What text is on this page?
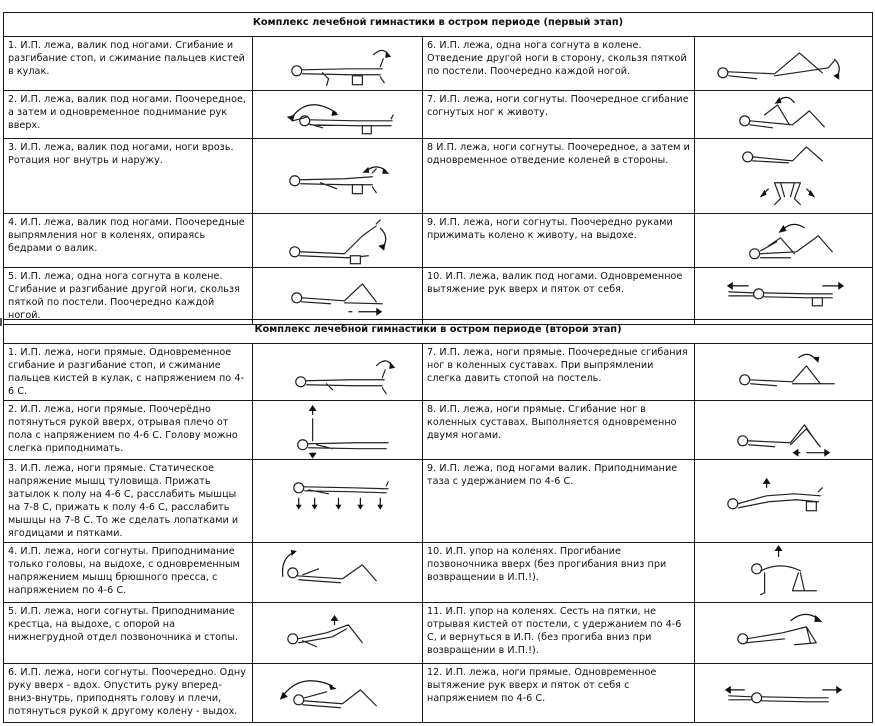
Комплекс лечебной гимнастики в остром периоде (первый этап)			
1. И.П. лежа, валик под ногами. Сгибание и разгибание стоп, и сжимание пальцев кистей в кулак.		6. И.П. лежа, одна нога согнута в колене. Отведение другой ноги в сторону, скользя пяткой по постели. Поочередно каждой ногой.	

2. И.П. лежа, валик под ногами. Поочередное, а затем и одновременное поднимание рук вверх.		7. И.П. лежа, ноги согнуты. Поочередное сгибание согнутых ног к животу.	

3. И.П. лежа, валик под ногами, ноги врозь. Ротация ног внутрь и наружу.		8 И.П. лежа, ноги согнуты. Поочередное, а затем и одновременное отведение коленей в стороны.	

4. И.П. лежа, валик под ногами. Поочередные выпрямления ног в коленях, опираясь бедрами о валик.		9. И.П. лежа, ноги согнуты. Поочередно руками прижимать колено к животу, на выдохе.	

5. И.П. лежа, одна нога согнута в колене. Сгибание и разгибание другой ноги, скользя пяткой по постели. Поочередно каждой ногой.		10. И.П. лежа, валик под ногами. Одновременное вытяжение рук вверх и пяток от себя.	
Комплекс лечебной гимнастики в остром периоде (второй этап)			
1. И.П. лежа, ноги прямые. Одновременное сгибание и разгибание стоп, и сжимание пальцев кистей в кулак, с напряжением по 4-6 С.		7. И.П. лежа, ноги прямые. Поочередные сгибания ног в коленных суставах. При выпрямлении слегка давить стопой на постель.	

2. И.П. лежа, ноги прямые. Поочерёдно потянуться рукой вверх, отрывая плечо от пола с напряжением по 4-6 С. Голову можно слегка приподнимать.		8. И.П. лежа, ноги прямые. Сгибание ног в коленных суставах. Выполняется одновременно двумя ногами.	

3. И.П. лежа, ноги прямые. Статическое напряжение мышц туловища. Прижать затылок к полу на 4-6 С, расслабить мышцы на 7-8 С, прижать к полу 4-6 С, расслабить мышцы на 7-8 С. То же сделать лопатками и ягодицами и пятками.		9. И.П. лежа, под ногами валик. Приподнимание таза с удержанием по 4-6 С.	

4. И.П. лежа, ноги согнуты. Приподнимание только головы, на выдохе, с одновременным напряжением мышц брюшного пресса, с напряжением по 4-6 С.		10. И.П. упор на коленях. Прогибание позвоночника вверх (без прогибания вниз при возвращении в И.П.!).	

5. И.П. лежа, ноги согнуты. Приподнимание крестца, на выдохе, с опорой на нижнегрудной отдел позвоночника и стопы.		11. И.П. упор на коленях. Сесть на пятки, не отрывая кистей от постели, с удержанием по 4-6 С, и вернуться в И.П. (без прогиба вниз при возвращении в И.П.!).	

6. И.П. лежа, ноги согнуты. Поочередно. Одну руку вверх - вдох. Опустить руку вперед-вниз-внутрь, приподнять голову и плечи, потянуться рукой к другому колену - выдох.		12. И.П. лежа, ноги прямые. Одновременное вытяжение рук вверх и пяток от себя с напряжением по 4-6 С.	
